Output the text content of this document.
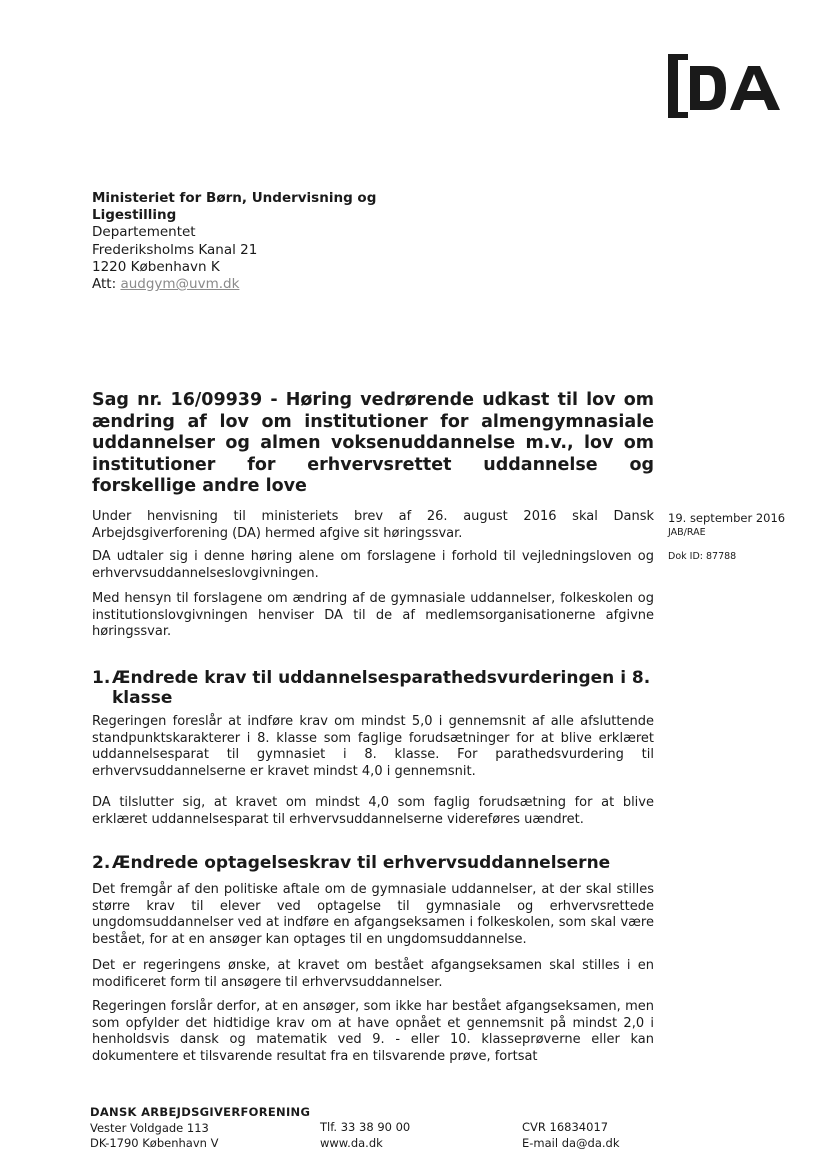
Ministeriet for Børn, Undervisning og
Ligestilling
Departementet
Frederiksholms Kanal 21
1220 København K
Att: audgym@uvm.dk
Sag nr. 16/09939 - Høring vedrørende udkast til lov om ændring af lov om institutioner for almengymnasiale uddannelser og almen voksenuddannelse m.v., lov om institutioner for erhvervsrettet uddannelse og forskellige andre love
Under henvisning til ministeriets brev af 26. august 2016 skal Dansk Arbejdsgiverforening (DA) hermed afgive sit høringssvar.
DA udtaler sig i denne høring alene om forslagene i forhold til vejledningsloven og erhvervsuddannelseslovgivningen.
Med hensyn til forslagene om ændring af de gymnasiale uddannelser, folkeskolen og institutionslovgivningen henviser DA til de af medlemsorganisationerne afgivne høringssvar.
19. september 2016
JAB/RAE
Dok ID: 87788
1. Ændrede krav til uddannelsesparathedsvurderingen i 8.
klasse
Regeringen foreslår at indføre krav om mindst 5,0 i gennemsnit af alle afsluttende standpunktskarakterer i 8. klasse som faglige forudsætninger for at blive erklæret uddannelsesparat til gymnasiet i 8. klasse. For parathedsvurdering til erhvervsuddannelserne er kravet mindst 4,0 i gennemsnit.
DA tilslutter sig, at kravet om mindst 4,0 som faglig forudsætning for at blive erklæret uddannelsesparat til erhvervsuddannelserne videreføres uændret.
2. Ændrede optagelseskrav til erhvervsuddannelserne
Det fremgår af den politiske aftale om de gymnasiale uddannelser, at der skal stilles større krav til elever ved optagelse til gymnasiale og erhvervsrettede ungdomsuddannelser ved at indføre en afgangseksamen i folkeskolen, som skal være bestået, for at en ansøger kan optages til en ungdomsuddannelse.
Det er regeringens ønske, at kravet om bestået afgangseksamen skal stilles i en modificeret form til ansøgere til erhvervsuddannelser.
Regeringen forslår derfor, at en ansøger, som ikke har bestået afgangseksamen, men som opfylder det hidtidige krav om at have opnået et gennemsnit på mindst 2,0 i henholdsvis dansk og matematik ved 9. - eller 10. klasseprøverne eller kan dokumentere et tilsvarende resultat fra en tilsvarende prøve, fortsat
DANSK ARBEJDSGIVERFORENING
Vester Voldgade 113
DK-1790 København V
Tlf. 33 38 90 00
www.da.dk
CVR 16834017
E-mail da@da.dk
